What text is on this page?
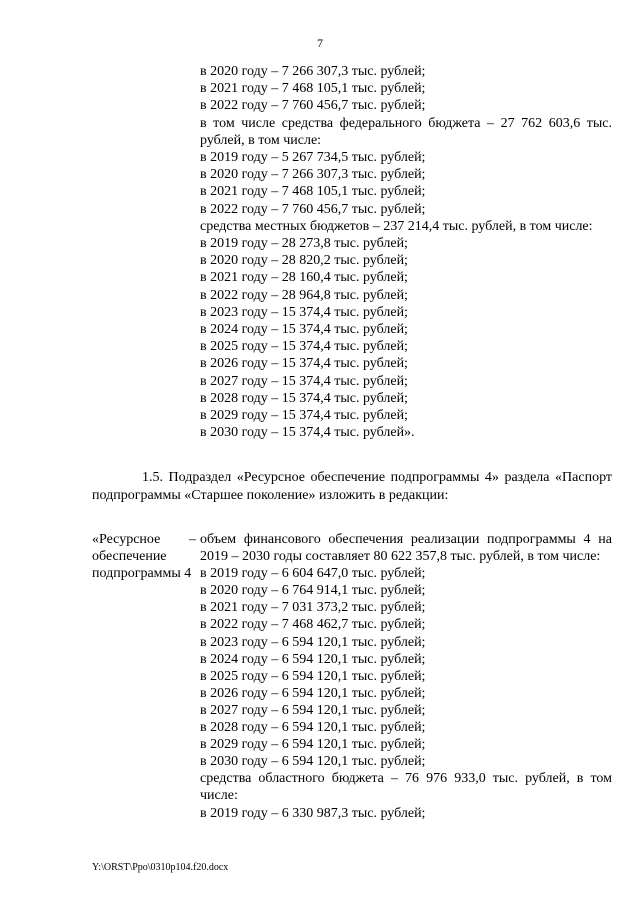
7
в 2020 году – 7 266 307,3 тыс. рублей;
в 2021 году – 7 468 105,1 тыс. рублей;
в 2022 году – 7 760 456,7 тыс. рублей;
в том числе средства федерального бюджета – 27 762 603,6 тыс. рублей, в том числе:
в 2019 году – 5 267 734,5 тыс. рублей;
в 2020 году – 7 266 307,3 тыс. рублей;
в 2021 году – 7 468 105,1 тыс. рублей;
в 2022 году – 7 760 456,7 тыс. рублей;
средства местных бюджетов – 237 214,4 тыс. рублей, в том числе:
в 2019 году – 28 273,8 тыс. рублей;
в 2020 году – 28 820,2 тыс. рублей;
в 2021 году – 28 160,4 тыс. рублей;
в 2022 году – 28 964,8 тыс. рублей;
в 2023 году – 15 374,4 тыс. рублей;
в 2024 году – 15 374,4 тыс. рублей;
в 2025 году – 15 374,4 тыс. рублей;
в 2026 году – 15 374,4 тыс. рублей;
в 2027 году – 15 374,4 тыс. рублей;
в 2028 году – 15 374,4 тыс. рублей;
в 2029 году – 15 374,4 тыс. рублей;
в 2030 году – 15 374,4 тыс. рублей».
1.5. Подраздел «Ресурсное обеспечение подпрограммы 4» раздела «Паспорт подпрограммы «Старшее поколение» изложить в редакции:
«Ресурсное –
обеспечение
подпрограммы 4
объем финансового обеспечения реализации подпрограммы 4 на 2019 – 2030 годы составляет 80 622 357,8 тыс. рублей, в том числе:
в 2019 году – 6 604 647,0 тыс. рублей;
в 2020 году – 6 764 914,1 тыс. рублей;
в 2021 году – 7 031 373,2 тыс. рублей;
в 2022 году – 7 468 462,7 тыс. рублей;
в 2023 году – 6 594 120,1 тыс. рублей;
в 2024 году – 6 594 120,1 тыс. рублей;
в 2025 году – 6 594 120,1 тыс. рублей;
в 2026 году – 6 594 120,1 тыс. рублей;
в 2027 году – 6 594 120,1 тыс. рублей;
в 2028 году – 6 594 120,1 тыс. рублей;
в 2029 году – 6 594 120,1 тыс. рублей;
в 2030 году – 6 594 120,1 тыс. рублей;
средства областного бюджета – 76 976 933,0 тыс. рублей, в том числе:
в 2019 году – 6 330 987,3 тыс. рублей;
Y:\ORST\Ppo\0310p104.f20.docx
